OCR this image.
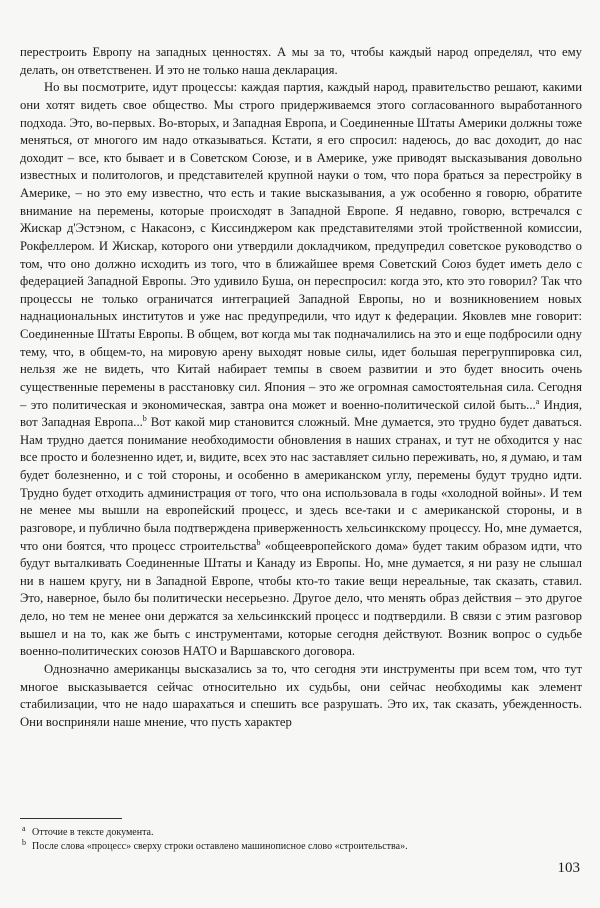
перестроить Европу на западных ценностях. А мы за то, чтобы каждый народ определял, что ему делать, он ответственен. И это не только наша декларация.

Но вы посмотрите, идут процессы: каждая партия, каждый народ, правительство решают, какими они хотят видеть свое общество. Мы строго придерживаемся этого согласованного выработанного подхода. Это, во-первых. Во-вторых, и Западная Европа, и Соединенные Штаты Америки должны тоже меняться, от многого им надо отказываться. Кстати, я его спросил: надеюсь, до вас доходит, до нас доходит – все, кто бывает и в Советском Союзе, и в Америке, уже приводят высказывания довольно известных и политологов, и представителей крупной науки о том, что пора браться за перестройку в Америке, – но это ему известно, что есть и такие высказывания, а уж особенно я говорю, обратите внимание на перемены, которые происходят в Западной Европе. Я недавно, говорю, встречался с Жискар д'Эстэном, с Накасонэ, с Киссинджером как представителями этой тройственной комиссии, Рокфеллером. И Жискар, которого они утвердили докладчиком, предупредил советское руководство о том, что оно должно исходить из того, что в ближайшее время Советский Союз будет иметь дело с федерацией Западной Европы. Это удивило Буша, он переспросил: когда это, кто это говорил? Так что процессы не только ограничатся интеграцией Западной Европы, но и возникновением новых наднациональных институтов и уже нас предупредили, что идут к федерации. Яковлев мне говорит: Соединенные Штаты Европы. В общем, вот когда мы так подначалились на это и еще подбросили одну тему, что, в общем-то, на мировую арену выходят новые силы, идет большая перегруппировка сил, нельзя же не видеть, что Китай набирает темпы в своем развитии и это будет вносить очень существенные перемены в расстановку сил. Япония – это же огромная самостоятельная сила. Сегодня – это политическая и экономическая, завтра она может и военно-политической силой быть...$^a$ Индия, вот Западная Европа...$^b$ Вот какой мир становится сложный. Мне думается, это трудно будет даваться. Нам трудно дается понимание необходимости обновления в наших странах, и тут не обходится у нас все просто и болезненно идет, и, видите, всех это нас заставляет сильно переживать, но, я думаю, и там будет болезненно, и с той стороны, и особенно в американском углу, перемены будут трудно идти. Трудно будет отходить администрация от того, что она использовала в годы «холодной войны». И тем не менее мы вышли на европейский процесс, и здесь все-таки и с американской стороны, и в разговоре, и публично была подтверждена приверженность хельсинкскому процессу. Но, мне думается, что они боятся, что процесс строительства$^b$ «общеевропейского дома» будет таким образом идти, что будут выталкивать Соединенные Штаты и Канаду из Европы. Но, мне думается, я ни разу не слышал ни в нашем кругу, ни в Западной Европе, чтобы кто-то такие вещи нереальные, так сказать, ставил. Это, наверное, было бы политически несерьезно. Другое дело, что менять образ действия – это другое дело, но тем не менее они держатся за хельсинкский процесс и подтвердили. В связи с этим разговор вышел и на то, как же быть с инструментами, которые сегодня действуют. Возник вопрос о судьбе военно-политических союзов НАТО и Варшавского договора.

Однозначно американцы высказались за то, что сегодня эти инструменты при всем том, что тут многое высказывается сейчас относительно их судьбы, они сейчас необходимы как элемент стабилизации, что не надо шарахаться и спешить все разрушать. Это их, так сказать, убежденность. Они восприняли наше мнение, что пусть характер

a Отточие в тексте документа.
b После слова «процесс» сверху строки оставлено машинописное слово «строительства».
103
